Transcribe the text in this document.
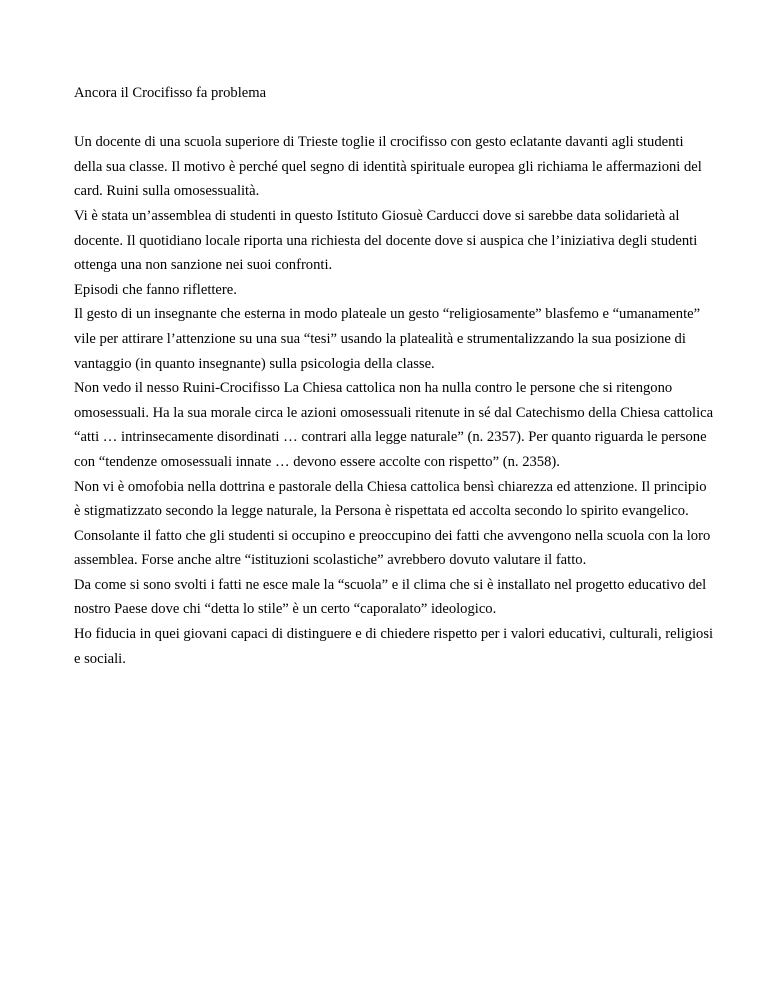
Ancora il Crocifisso fa problema

Un docente di una scuola superiore di Trieste toglie il crocifisso con gesto eclatante davanti agli studenti della sua classe. Il motivo è perché quel segno di identità spirituale europea gli richiama le affermazioni del card. Ruini sulla omosessualità.

Vi è stata un’assemblea di studenti in questo Istituto Giosuè Carducci dove si sarebbe data solidarietà al docente. Il quotidiano locale riporta una richiesta del docente dove si auspica che l’iniziativa degli studenti ottenga una non sanzione nei suoi confronti.

Episodi che fanno riflettere.

Il gesto di un insegnante che esterna in modo plateale un gesto “religiosamente” blasfemo e “umanamente” vile per attirare l’attenzione su una sua “tesi” usando la platealità e strumentalizzando la sua posizione di vantaggio (in quanto insegnante) sulla psicologia della classe.

Non vedo il nesso Ruini-Crocifisso La Chiesa cattolica non ha nulla contro le persone che si ritengono omosessuali. Ha la sua morale circa le azioni omosessuali ritenute in sé dal Catechismo della Chiesa cattolica “atti … intrinsecamente disordinati … contrari alla legge naturale” (n. 2357). Per quanto riguarda le persone con “tendenze omosessuali innate … devono essere accolte con rispetto” (n. 2358).

Non vi è omofobia nella dottrina e pastorale della Chiesa cattolica bensì chiarezza ed attenzione. Il principio è stigmatizzato secondo la legge naturale, la Persona è rispettata ed accolta secondo lo spirito evangelico.

Consolante il fatto che gli studenti si occupino e preoccupino dei fatti che avvengono nella scuola con la loro assemblea. Forse anche altre “istituzioni scolastiche” avrebbero dovuto valutare il fatto.

Da come si sono svolti i fatti ne esce male la “scuola” e il clima che si è installato nel progetto educativo del nostro Paese dove chi “detta lo stile” è un certo “caporalato” ideologico.

Ho fiducia in quei giovani capaci di distinguere e di chiedere rispetto per i valori educativi, culturali, religiosi e sociali.
